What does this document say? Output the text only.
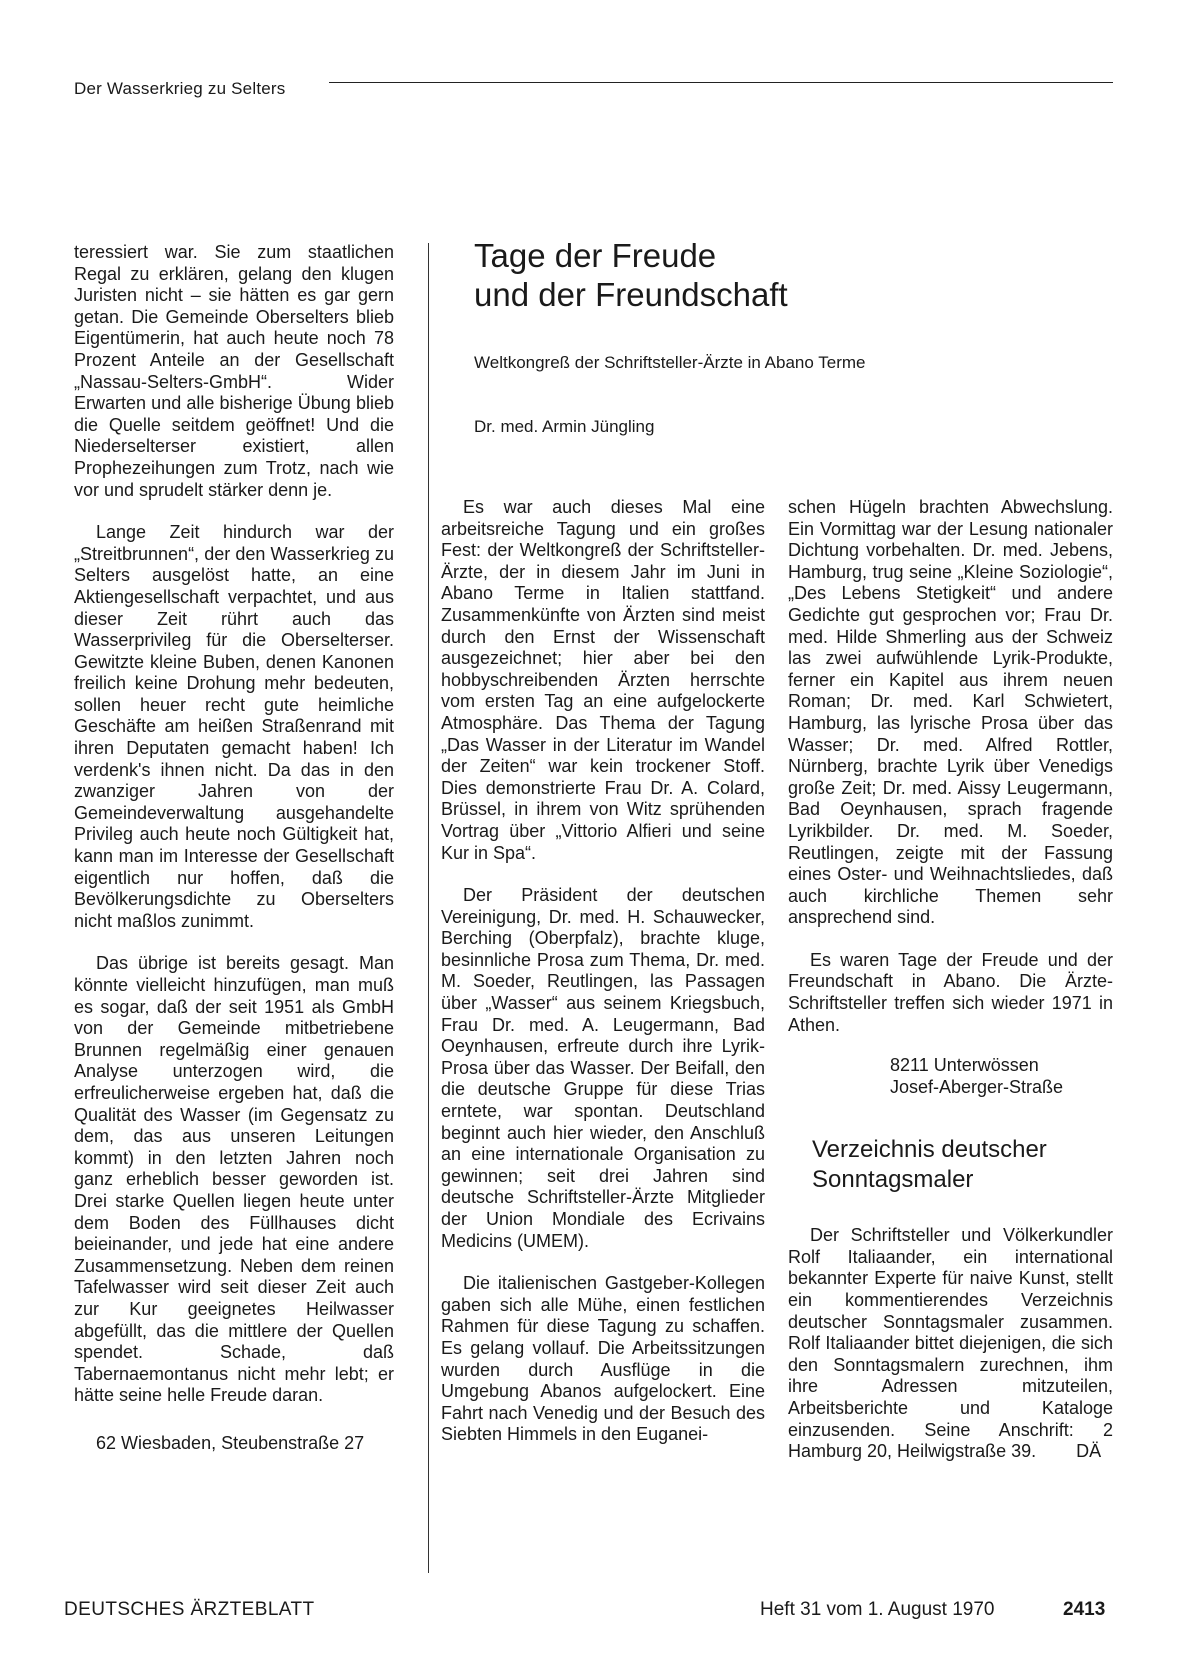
Der Wasserkrieg zu Selters

teressiert war. Sie zum staatlichen Regal zu erklären, gelang den klugen Juristen nicht – sie hätten es gar gern getan. Die Gemeinde Oberselters blieb Eigentümerin, hat auch heute noch 78 Prozent Anteile an der Gesellschaft „Nassau-Selters-GmbH“. Wider Erwarten und alle bisherige Übung blieb die Quelle seitdem geöffnet! Und die Niederselterser existiert, allen Prophezeihungen zum Trotz, nach wie vor und sprudelt stärker denn je.

Lange Zeit hindurch war der „Streitbrunnen“, der den Wasserkrieg zu Selters ausgelöst hatte, an eine Aktiengesellschaft verpachtet, und aus dieser Zeit rührt auch das Wasserprivileg für die Oberselterser. Gewitzte kleine Buben, denen Kanonen freilich keine Drohung mehr bedeuten, sollen heuer recht gute heimliche Geschäfte am heißen Straßenrand mit ihren Deputaten gemacht haben! Ich verdenk's ihnen nicht. Da das in den zwanziger Jahren von der Gemeindeverwaltung ausgehandelte Privileg auch heute noch Gültigkeit hat, kann man im Interesse der Gesellschaft eigentlich nur hoffen, daß die Bevölkerungsdichte zu Oberselters nicht maßlos zunimmt.

Das übrige ist bereits gesagt. Man könnte vielleicht hinzufügen, man muß es sogar, daß der seit 1951 als GmbH von der Gemeinde mitbetriebene Brunnen regelmäßig einer genauen Analyse unterzogen wird, die erfreulicherweise ergeben hat, daß die Qualität des Wasser (im Gegensatz zu dem, das aus unseren Leitungen kommt) in den letzten Jahren noch ganz erheblich besser geworden ist. Drei starke Quellen liegen heute unter dem Boden des Füllhauses dicht beieinander, und jede hat eine andere Zusammensetzung. Neben dem reinen Tafelwasser wird seit dieser Zeit auch zur Kur geeignetes Heilwasser abgefüllt, das die mittlere der Quellen spendet. Schade, daß Tabernaemontanus nicht mehr lebt; er hätte seine helle Freude daran.

62 Wiesbaden, Steubenstraße 27

Tage der Freude
und der Freundschaft
Weltkongreß der Schriftsteller-Ärzte in Abano Terme
Dr. med. Armin Jüngling

Es war auch dieses Mal eine arbeitsreiche Tagung und ein großes Fest: der Weltkongreß der Schriftsteller-Ärzte, der in diesem Jahr im Juni in Abano Terme in Italien stattfand. Zusammenkünfte von Ärzten sind meist durch den Ernst der Wissenschaft ausgezeichnet; hier aber bei den hobbyschreibenden Ärzten herrschte vom ersten Tag an eine aufgelockerte Atmosphäre. Das Thema der Tagung „Das Wasser in der Literatur im Wandel der Zeiten“ war kein trockener Stoff. Dies demonstrierte Frau Dr. A. Colard, Brüssel, in ihrem von Witz sprühenden Vortrag über „Vittorio Alfieri und seine Kur in Spa“.

Der Präsident der deutschen Vereinigung, Dr. med. H. Schauwecker, Berching (Oberpfalz), brachte kluge, besinnliche Prosa zum Thema, Dr. med. M. Soeder, Reutlingen, las Passagen über „Wasser“ aus seinem Kriegsbuch, Frau Dr. med. A. Leugermann, Bad Oeynhausen, erfreute durch ihre Lyrik-Prosa über das Wasser. Der Beifall, den die deutsche Gruppe für diese Trias erntete, war spontan. Deutschland beginnt auch hier wieder, den Anschluß an eine internationale Organisation zu gewinnen; seit drei Jahren sind deutsche Schriftsteller-Ärzte Mitglieder der Union Mondiale des Ecrivains Medicins (UMEM).

Die italienischen Gastgeber-Kollegen gaben sich alle Mühe, einen festlichen Rahmen für diese Tagung zu schaffen. Es gelang vollauf. Die Arbeitssitzungen wurden durch Ausflüge in die Umgebung Abanos aufgelockert. Eine Fahrt nach Venedig und der Besuch des Siebten Himmels in den Euganei-

schen Hügeln brachten Abwechslung. Ein Vormittag war der Lesung nationaler Dichtung vorbehalten. Dr. med. Jebens, Hamburg, trug seine „Kleine Soziologie“, „Des Lebens Stetigkeit“ und andere Gedichte gut gesprochen vor; Frau Dr. med. Hilde Shmerling aus der Schweiz las zwei aufwühlende Lyrik-Produkte, ferner ein Kapitel aus ihrem neuen Roman; Dr. med. Karl Schwietert, Hamburg, las lyrische Prosa über das Wasser; Dr. med. Alfred Rottler, Nürnberg, brachte Lyrik über Venedigs große Zeit; Dr. med. Aissy Leugermann, Bad Oeynhausen, sprach fragende Lyrikbilder. Dr. med. M. Soeder, Reutlingen, zeigte mit der Fassung eines Oster- und Weihnachtsliedes, daß auch kirchliche Themen sehr ansprechend sind.

Es waren Tage der Freude und der Freundschaft in Abano. Die Ärzte-Schriftsteller treffen sich wieder 1971 in Athen.

8211 Unterwössen
Josef-Aberger-Straße
Verzeichnis deutscher
Sonntagsmaler

Der Schriftsteller und Völkerkundler Rolf Italiaander, ein international bekannter Experte für naive Kunst, stellt ein kommentierendes Verzeichnis deutscher Sonntagsmaler zusammen. Rolf Italiaander bittet diejenigen, die sich den Sonntagsmalern zurechnen, ihm ihre Adressen mitzuteilen, Arbeitsberichte und Kataloge einzusenden. Seine Anschrift: 2 Hamburg 20, Heilwigstraße 39. DÄ

DEUTSCHES ÄRZTEBLATT	Heft 31 vom 1. August 1970	2413
